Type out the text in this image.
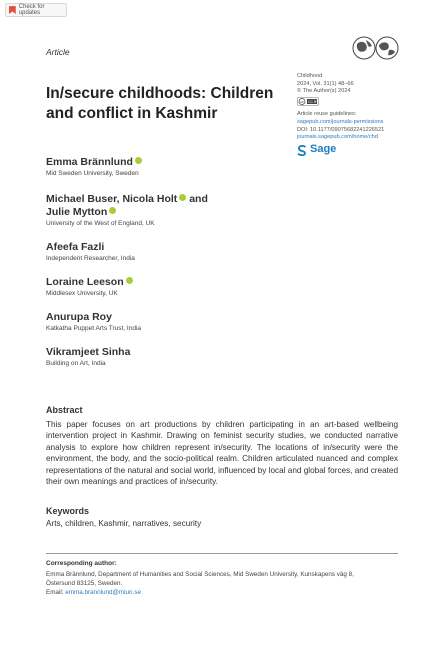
Check for updates
Article
In/secure childhoods: Children and conflict in Kashmir
Childhood
2024, Vol. 31(1) 48–66
© The Author(s) 2024
cc CC BY
Article reuse guidelines:
sagepub.com/journals-permissions
DOI: 10.1177/09075682241226521
journals.sagepub.com/home/chd
Sage
Emma Brännlund
Mid Sweden University, Sweden
Michael Buser, Nicola Holt and
Julie Mytton
University of the West of England, UK
Afeefa Fazli
Independent Researcher, India
Loraine Leeson
Middlesex University, UK
Anurupa Roy
Katkatha Puppet Arts Trust, India
Vikramjeet Sinha
Building on Art, India
Abstract
This paper focuses on art productions by children participating in an art-based wellbeing intervention project in Kashmir. Drawing on feminist security studies, we conducted narrative analysis to explore how children represent in/security. The locations of in/security were the environment, the body, and the socio-political realm. Children articulated nuanced and complex representations of the natural and social world, influenced by local and global forces, and created their own meanings and practices of in/security.
Keywords
Arts, children, Kashmir, narratives, security
Corresponding author:
Emma Brännlund, Department of Humanities and Social Sciences, Mid Sweden University, Kunskapens väg 8,
Östersund 83125, Sweden.
Email: emma.brannlund@miun.se
